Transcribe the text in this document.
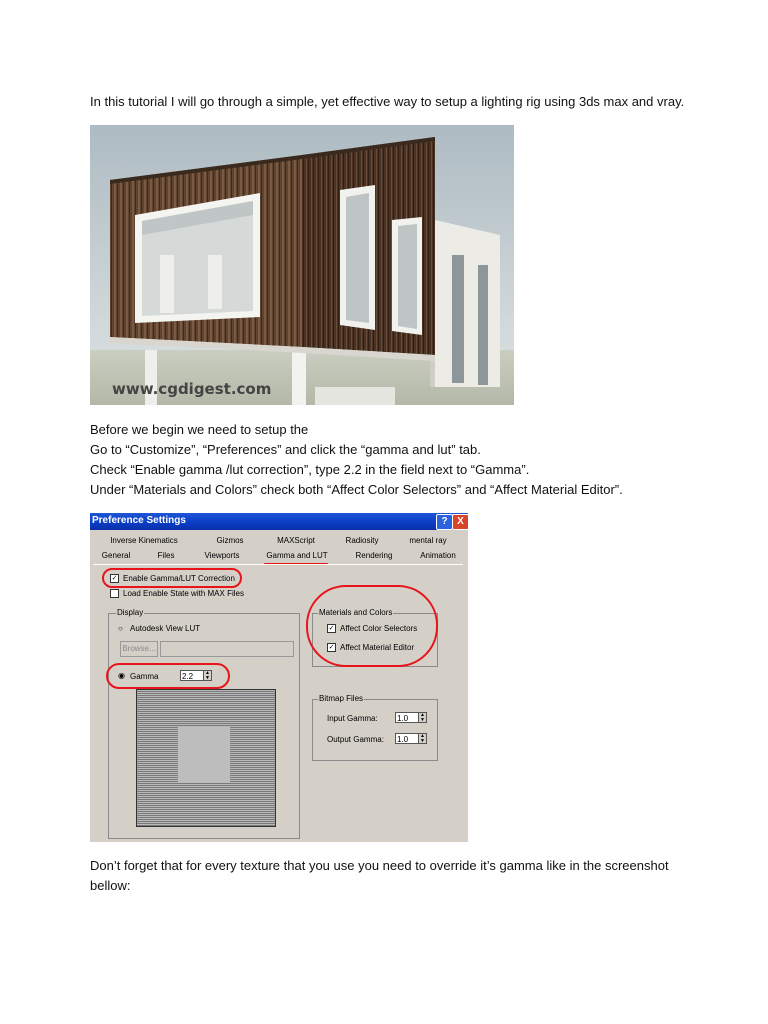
In this tutorial I will go through a simple, yet effective way to setup a lighting rig using 3ds max and vray.
www.cgdigest.com
Before we begin we need to setup the
Go to “Customize”, “Preferences” and click the “gamma and lut” tab.
Check “Enable gamma /lut correction”, type 2.2 in the field next to “Gamma”.
Under “Materials and Colors” check both “Affect Color Selectors” and “Affect Material Editor”.
Preference Settings	? X
Inverse Kinematics	Gizmos	MAXScript	Radiosity	mental ray
General	Files	Viewports	Gamma and LUT	Rendering	Animation
✓ Enable Gamma/LUT Correction
Load Enable State with MAX Files
Display
○ Autodesk View LUT
Browse...
◉ Gamma	2.2	▲
▼
Materials and Colors
✓ Affect Color Selectors
✓ Affect Material Editor
Bitmap Files
Input Gamma: 1.0	▲
▼
Output Gamma: 1.0	▲
▼
Don’t forget that for every texture that you use you need to override it’s gamma like in the screenshot
bellow:
